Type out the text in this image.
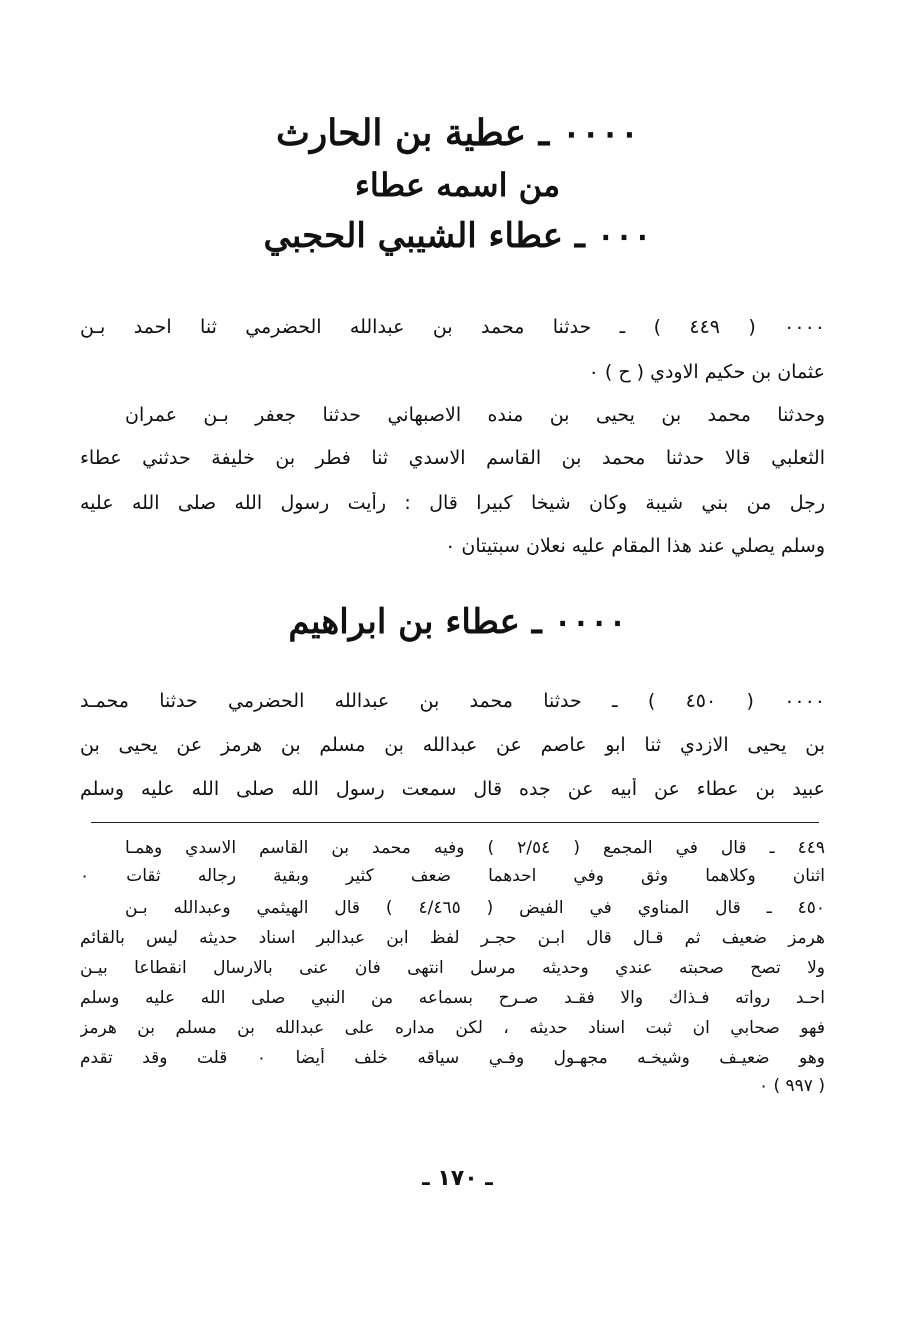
٠٠٠٠ ـ عطية بن الحارث
من اسمه عطاء
٠٠٠ ـ عطاء الشيبي الحجبي
٠٠٠٠ ( ٤٤٩ ) ـ حدثنا محمد بن عبدالله الحضرمي ثنا احمد بـن
عثمان بن حكيم الاودي ( ح ) ٠
وحدثنا محمد بن يحيى بن منده الاصبهاني حدثنا جعفر بـن عمران
الثعلبي قالا حدثنا محمد بن القاسم الاسدي ثنا فطر بن خليفة حدثني عطاء
رجل من بني شيبة وكان شيخا كبيرا قال : رأيت رسول الله صلى الله عليه
وسلم يصلي عند هذا المقام عليه نعلان سبتيتان ٠
٠٠٠٠ ـ عطاء بن ابراهيم
٠٠٠٠ ( ٤٥٠ ) ـ حدثنا محمد بن عبدالله الحضرمي حدثنا محمـد
بن يحيى الازدي ثنا ابو عاصم عن عبدالله بن مسلم بن هرمز عن يحيى بن
عبيد بن عطاء عن أبيه عن جده قال سمعت رسول الله صلى الله عليه وسلم
٤٤٩ ـ قال في المجمع ( ٢/٥٤ ) وفيه محمد بن القاسم الاسدي وهمـا
اثنان وكلاهما وثق وفي احدهما ضعف كثير وبقية رجاله ثقات ٠
٤٥٠ ـ قال المناوي في الفيض ( ٤/٤٦٥ ) قال الهيثمي وعبدالله بـن
هرمز ضعيف ثم قـال قال ابـن حجـر لفظ ابن عبدالبر اسناد حديثه ليس بالقائم
ولا تصح صحبته عندي وحديثه مرسل انتهى فان عنى بالارسال انقطاعا بيـن
احـد رواته فـذاك والا فقـد صـرح بسماعه من النبي صلى الله عليه وسلم
فهو صحابي ان ثبت اسناد حديثه ، لكن مداره على عبدالله بن مسلم بن هرمز
وهو ضعيـف وشيخـه مجهـول وفـي سياقه خلف أيضا ٠ قلت وقد تقدم
( ٩٩٧ ) ٠
ـ ١٧٠ ـ
